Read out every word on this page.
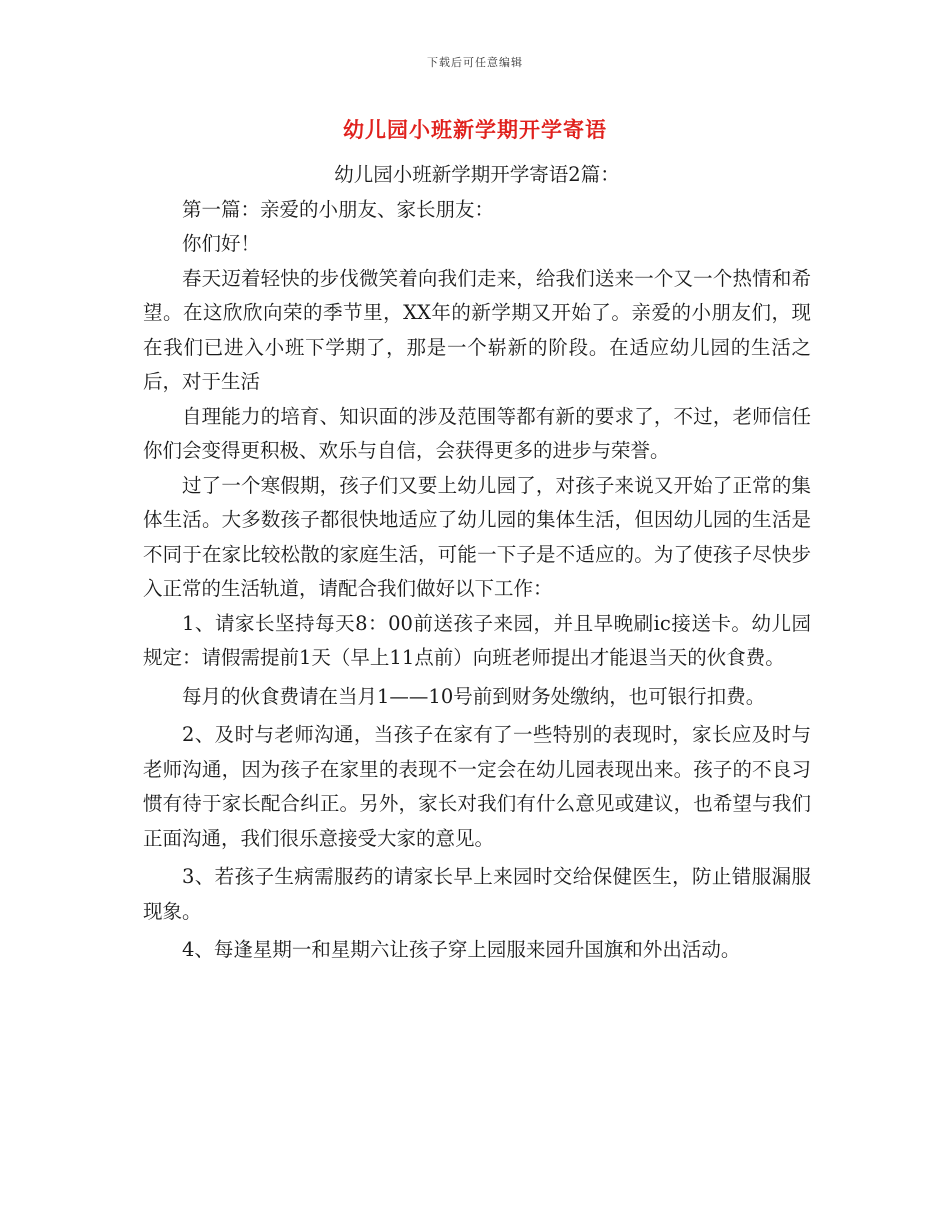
下载后可任意编辑
幼儿园小班新学期开学寄语

幼儿园小班新学期开学寄语2篇：

第一篇：亲爱的小朋友、家长朋友：

你们好！

春天迈着轻快的步伐微笑着向我们走来，给我们送来一个又一个热情和希望。在这欣欣向荣的季节里，XX年的新学期又开始了。亲爱的小朋友们，现在我们已进入小班下学期了，那是一个崭新的阶段。在适应幼儿园的生活之后，对于生活

自理能力的培育、知识面的涉及范围等都有新的要求了，不过，老师信任你们会变得更积极、欢乐与自信，会获得更多的进步与荣誉。

过了一个寒假期，孩子们又要上幼儿园了，对孩子来说又开始了正常的集体生活。大多数孩子都很快地适应了幼儿园的集体生活，但因幼儿园的生活是不同于在家比较松散的家庭生活，可能一下子是不适应的。为了使孩子尽快步入正常的生活轨道，请配合我们做好以下工作：

1、请家长坚持每天8：00前送孩子来园，并且早晚刷ic接送卡。幼儿园规定：请假需提前1天（早上11点前）向班老师提出才能退当天的伙食费。

每月的伙食费请在当月1——10号前到财务处缴纳，也可银行扣费。

2、及时与老师沟通，当孩子在家有了一些特别的表现时，家长应及时与老师沟通，因为孩子在家里的表现不一定会在幼儿园表现出来。孩子的不良习惯有待于家长配合纠正。另外，家长对我们有什么意见或建议，也希望与我们正面沟通，我们很乐意接受大家的意见。

3、若孩子生病需服药的请家长早上来园时交给保健医生，防止错服漏服现象。

4、每逢星期一和星期六让孩子穿上园服来园升国旗和外出活动。
